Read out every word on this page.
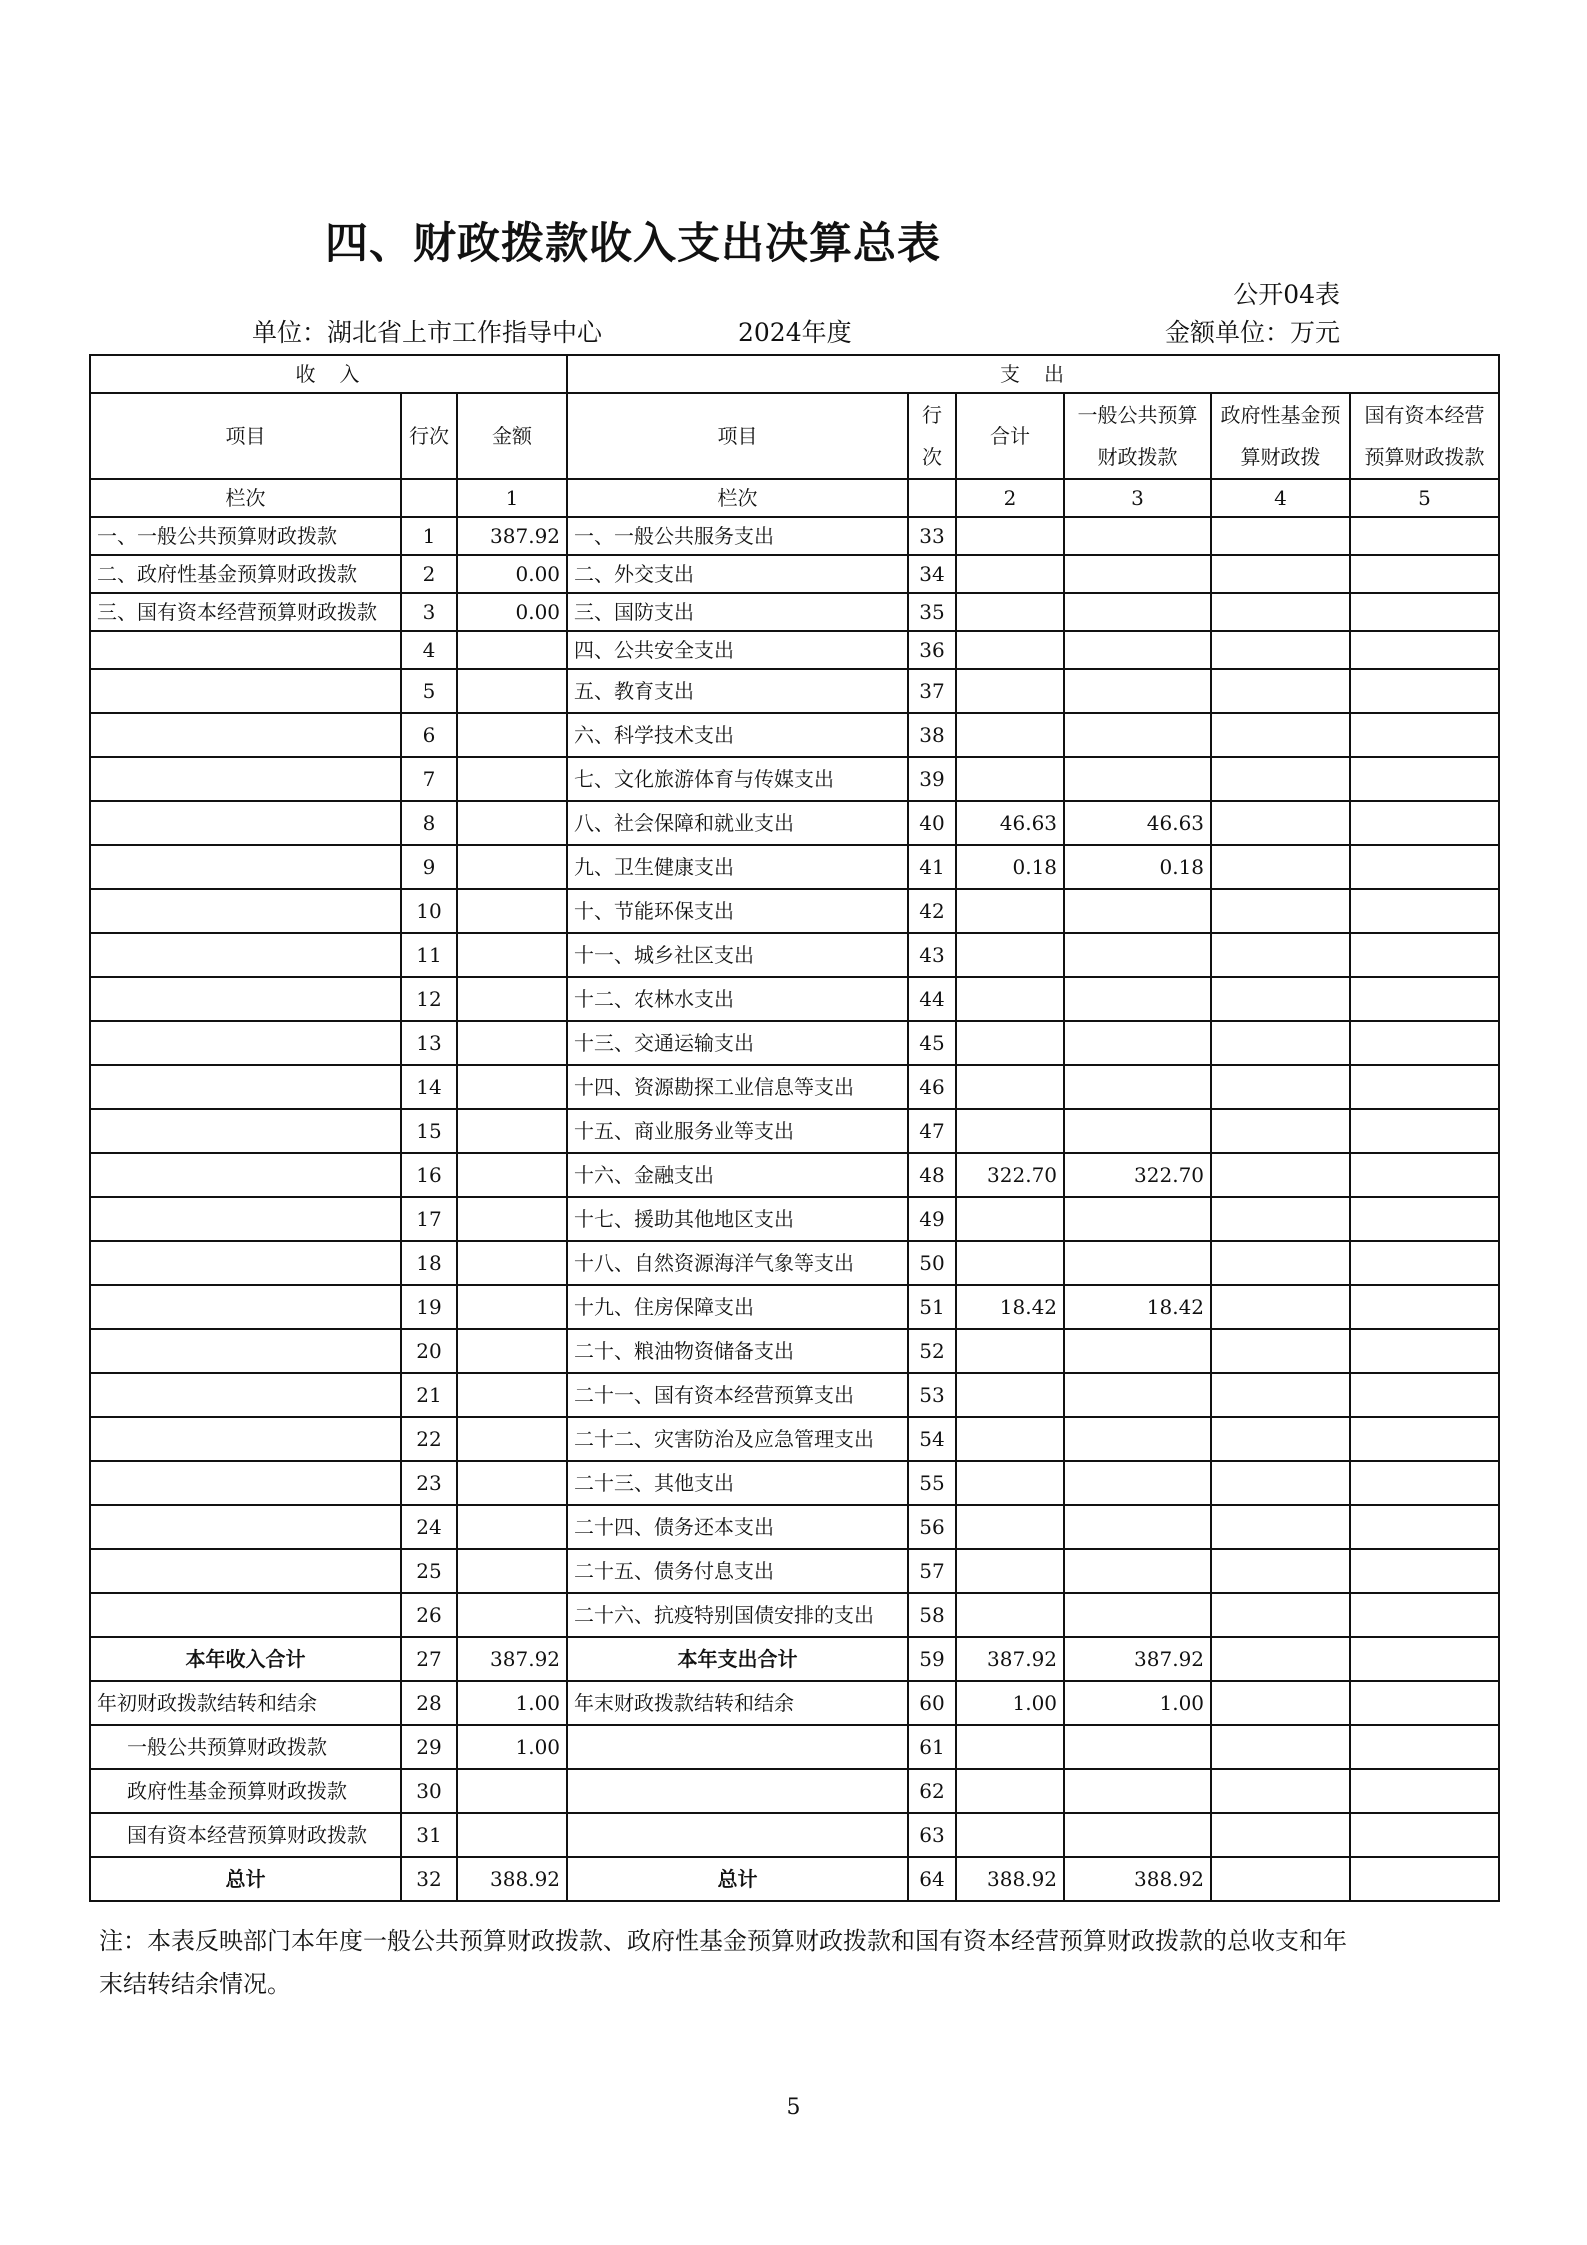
四、财政拨款收入支出决算总表
公开04表
单位：湖北省上市工作指导中心	2024年度	金额单位：万元
收　入			支　出					
项目	行次	金额	项目	行次	合计	一般公共预算财政拨款	政府性基金预算财政拨	国有资本经营预算财政拨款
栏次		1	栏次		2	3	4	5
一、一般公共预算财政拨款	1	387.92	一、一般公共服务支出	33				
二、政府性基金预算财政拨款	2	0.00	二、外交支出	34				
三、国有资本经营预算财政拨款	3	0.00	三、国防支出	35				
	4		四、公共安全支出	36				
	5		五、教育支出	37				
	6		六、科学技术支出	38				
	7		七、文化旅游体育与传媒支出	39				
	8		八、社会保障和就业支出	40	46.63	46.63		
	9		九、卫生健康支出	41	0.18	0.18		
	10		十、节能环保支出	42				
	11		十一、城乡社区支出	43				
	12		十二、农林水支出	44				
	13		十三、交通运输支出	45				
	14		十四、资源勘探工业信息等支出	46				
	15		十五、商业服务业等支出	47				
	16		十六、金融支出	48	322.70	322.70		
	17		十七、援助其他地区支出	49				
	18		十八、自然资源海洋气象等支出	50				
	19		十九、住房保障支出	51	18.42	18.42		
	20		二十、粮油物资储备支出	52				
	21		二十一、国有资本经营预算支出	53				
	22		二十二、灾害防治及应急管理支出	54				
	23		二十三、其他支出	55				
	24		二十四、债务还本支出	56				
	25		二十五、债务付息支出	57				
	26		二十六、抗疫特别国债安排的支出	58				
本年收入合计	27	387.92	本年支出合计	59	387.92	387.92		
年初财政拨款结转和结余	28	1.00	年末财政拨款结转和结余	60	1.00	1.00		
一般公共预算财政拨款	29	1.00		61				
政府性基金预算财政拨款	30			62				
国有资本经营预算财政拨款	31			63				
总计	32	388.92	总计	64	388.92	388.92		
注：本表反映部门本年度一般公共预算财政拨款、政府性基金预算财政拨款和国有资本经营预算财政拨款的总收支和年
末结转结余情况。
5
